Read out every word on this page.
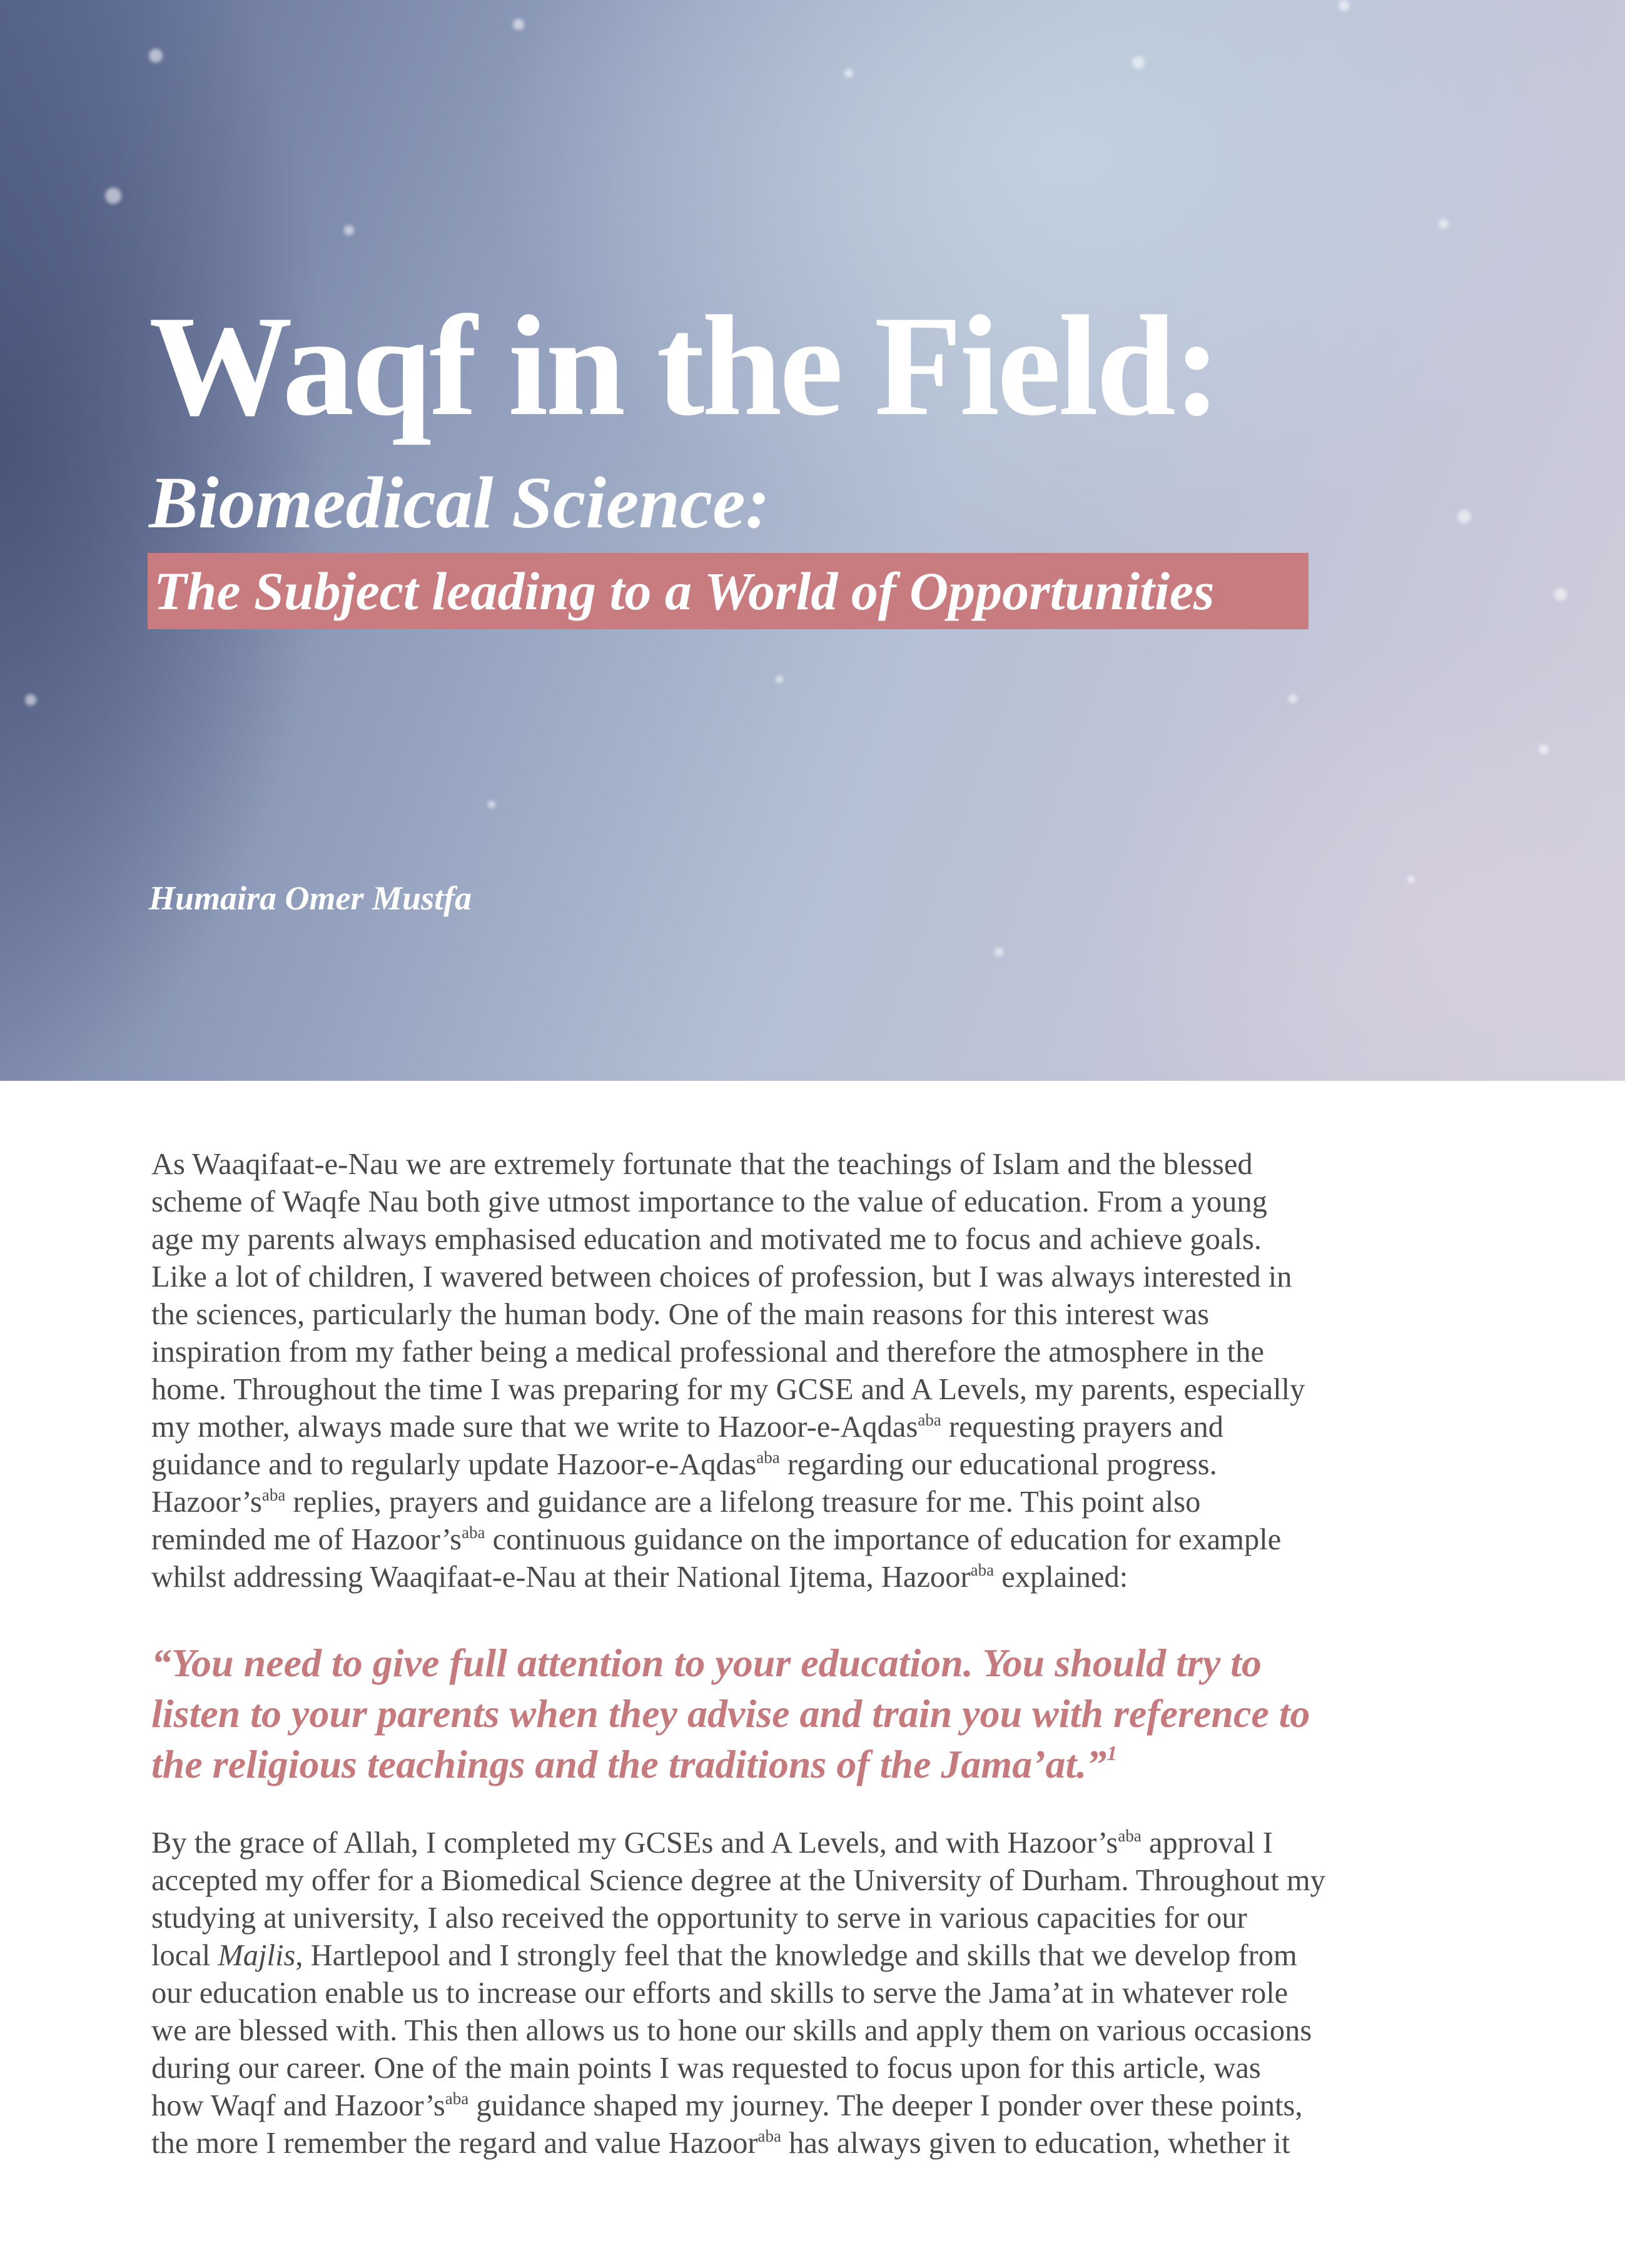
Waqf in the Field:
Biomedical Science:
The Subject leading to a World of Opportunities
Humaira Omer Mustfa
As Waaqifaat-e-Nau we are extremely fortunate that the teachings of Islam and the blessed
scheme of Waqfe Nau both give utmost importance to the value of education. From a young
age my parents always emphasised education and motivated me to focus and achieve goals.
Like a lot of children, I wavered between choices of profession, but I was always interested in
the sciences, particularly the human body. One of the main reasons for this interest was
inspiration from my father being a medical professional and therefore the atmosphere in the
home. Throughout the time I was preparing for my GCSE and A Levels, my parents, especially
my mother, always made sure that we write to Hazoor-e-Aqdas$^{aba}$ requesting prayers and
guidance and to regularly update Hazoor-e-Aqdas$^{aba}$ regarding our educational progress.
$Hazoor’s^{aba}$ replies, prayers and guidance are a lifelong treasure for me. This point also
reminded me of $Hazoor’s^{aba}$ continuous guidance on the importance of education for example
whilst addressing Waaqifaat-e-Nau at their National Ijtema, Hazoor$^{aba}$ explained:
“You need to give full attention to your education. You should try to
listen to your parents when they advise and train you with reference to
the religious teachings and the traditions of the Jama’at.”$^1$
By the grace of Allah, I completed my GCSEs and A Levels, and with $Hazoor’s^{aba}$ approval I
accepted my offer for a Biomedical Science degree at the University of Durham. Throughout my
studying at university, I also received the opportunity to serve in various capacities for our
local Majlis, Hartlepool and I strongly feel that the knowledge and skills that we develop from
our education enable us to increase our efforts and skills to serve the Jama’at in whatever role
we are blessed with. This then allows us to hone our skills and apply them on various occasions
during our career. One of the main points I was requested to focus upon for this article, was
how Waqf and $Hazoor’s^{aba}$ guidance shaped my journey. The deeper I ponder over these points,
the more I remember the regard and value Hazoor$^{aba}$ has always given to education, whether it
